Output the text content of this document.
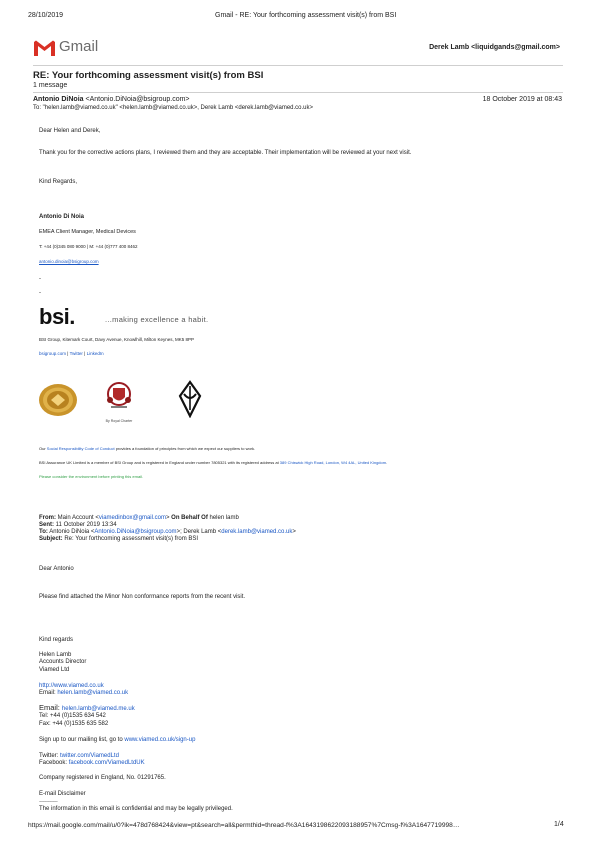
28/10/2019	Gmail - RE: Your forthcoming assessment visit(s) from BSI
Gmail	Derek Lamb <liquidgands@gmail.com>
RE: Your forthcoming assessment visit(s) from BSI
1 message
Antonio DiNoia <Antonio.DiNoia@bsigroup.com>	18 October 2019 at 08:43
To: "helen.lamb@viamed.co.uk" <helen.lamb@viamed.co.uk>, Derek Lamb <derek.lamb@viamed.co.uk>
Dear Helen and Derek,
Thank you for the corrective actions plans, I reviewed them and they are acceptable. Their implementation will be reviewed at your next visit.
Kind Regards,
Antonio Di Noia
EMEA Client Manager, Medical Devices
T: +44 (0)345 080 9000 | M: +44 (0)777 400 8462
antonio.dinoia@bsigroup.com
-
-
bsi.	...making excellence a habit.
BSI Group, Kitemark Court, Davy Avenue, Knowlhill, Milton Keynes, MK5 8PP
bsigroup.com | Twitter | LinkedIn
By Royal Charter
Our Social Responsibility Code of Conduct provides a foundation of principles from which we expect our suppliers to work.
BSI Assurance UK Limited is a member of BSI Group and is registered in England under number 7805321 with its registered address at 389 Chiswick High Road, London, W4 4AL, United Kingdom.
Please consider the environment before printing this email.
From: Main Account <viamedinbox@gmail.com> On Behalf Of helen lamb
Sent: 11 October 2019 13:34
To: Antonio DiNoia <Antonio.DiNoia@bsigroup.com>; Derek Lamb <derek.lamb@viamed.co.uk>
Subject: Re: Your forthcoming assessment visit(s) from BSI
Dear Antonio
Please find attached the Minor Non conformance reports from the recent visit.
Kind regards
Helen Lamb
Accounts Director
Viamed Ltd
http://www.viamed.co.uk
Email: helen.lamb@viamed.co.uk
Email: helen.lamb@viamed.me.uk
Tel: +44 (0)1535 634 542
Fax: +44 (0)1535 635 582
Sign up to our mailing list, go to www.viamed.co.uk/sign-up
Twitter: twitter.com/ViamedLtd
Facebook: facebook.com/ViamedLtdUK
Company registered in England, No. 01291765.
E-mail Disclaimer
----------------------
The information in this email is confidential and may be legally privileged.
https://mail.google.com/mail/u/0?ik=478d768424&view=pt&search=all&permthid=thread-f%3A1643198622093188957%7Cmsg-f%3A1647719998…	1/4
